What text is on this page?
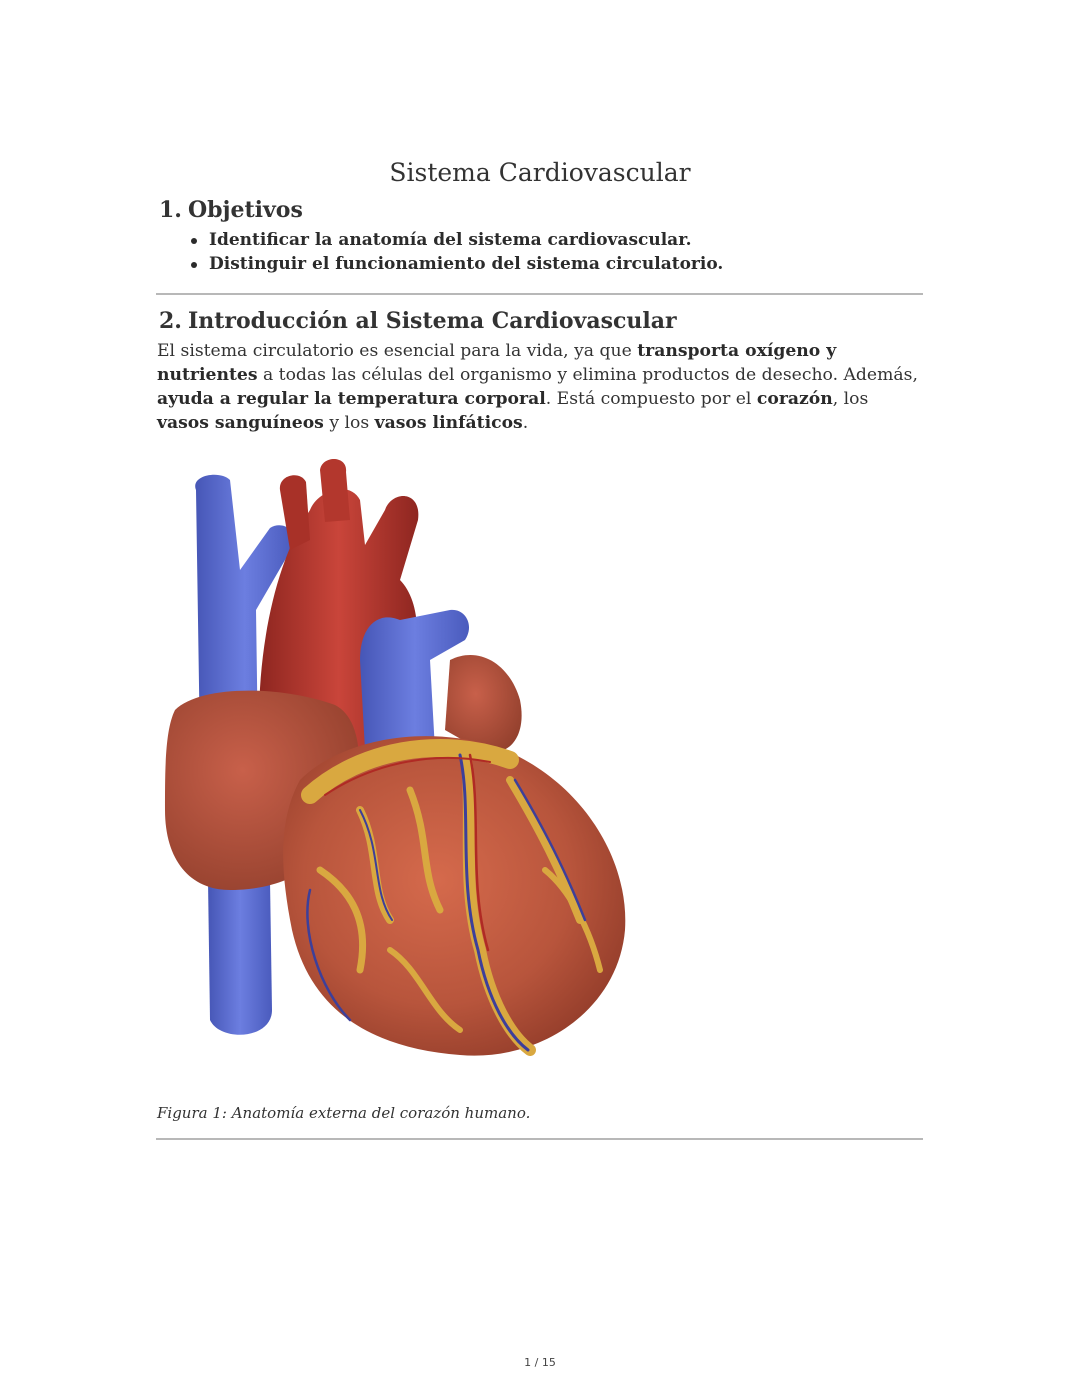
Sistema Cardiovascular
1. Objetivos
Identificar la anatomía del sistema cardiovascular.
Distinguir el funcionamiento del sistema circulatorio.
2. Introducción al Sistema Cardiovascular

El sistema circulatorio es esencial para la vida, ya que transporta oxígeno y nutrientes a todas las células del organismo y elimina productos de desecho. Además, ayuda a regular la temperatura corporal. Está compuesto por el corazón, los vasos sanguíneos y los vasos linfáticos.

Figura 1: Anatomía externa del corazón humano.

1 / 15
